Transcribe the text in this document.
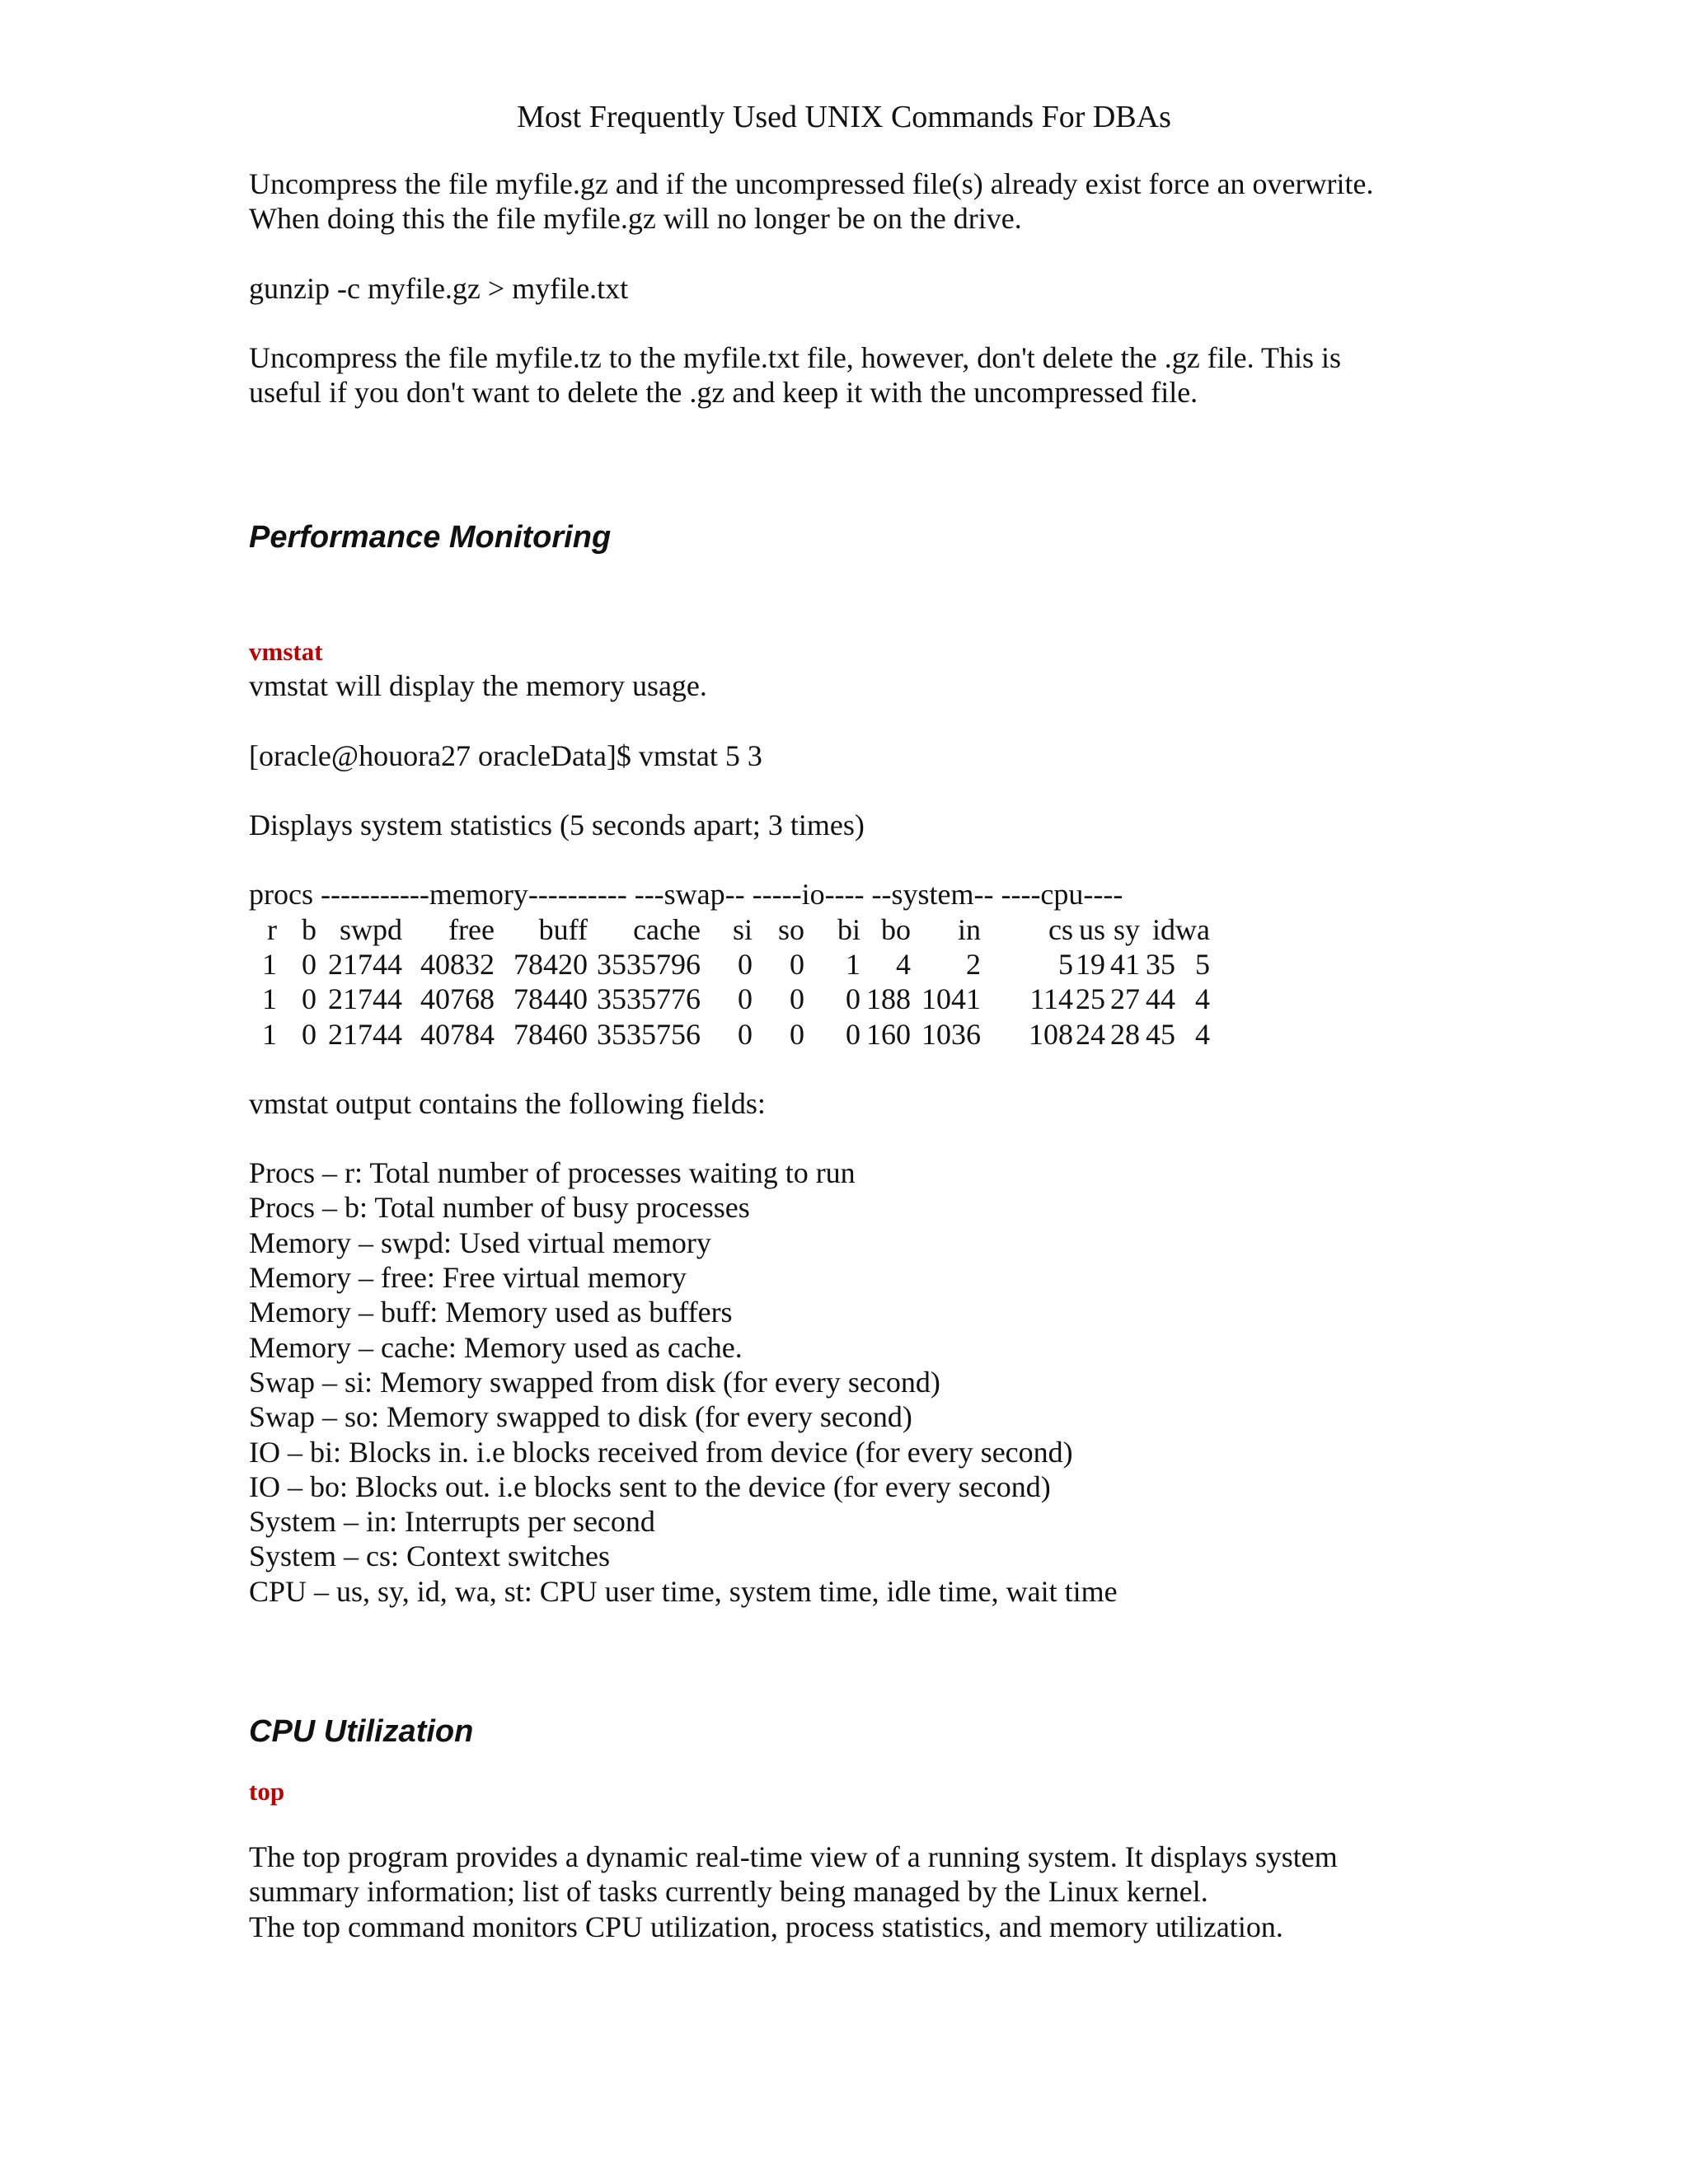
Most Frequently Used UNIX Commands For DBAs

Uncompress the file myfile.gz and if the uncompressed file(s) already exist force an overwrite. When doing this the file myfile.gz will no longer be on the drive.

gunzip -c myfile.gz > myfile.txt

Uncompress the file myfile.tz to the myfile.txt file, however, don't delete the .gz file. This is useful if you don't want to delete the .gz and keep it with the uncompressed file.

Performance Monitoring

vmstat

vmstat will display the memory usage.

[oracle@houora27 oracleData]$ vmstat 5 3

Displays system statistics (5 seconds apart; 3 times)

procs -----------memory---------- ---swap-- -----io---- --system-- ----cpu----

r	b	swpd	free	buff	cache	si	so	bi	bo	in	cs	us	sy	id	wa
1	0	21744	40832	78420	3535796	0	0	1	4	2	5	19	41	35	5
1	0	21744	40768	78440	3535776	0	0	0	188	1041	114	25	27	44	4
1	0	21744	40784	78460	3535756	0	0	0	160	1036	108	24	28	45	4

vmstat output contains the following fields:

Procs – r: Total number of processes waiting to run

Procs – b: Total number of busy processes

Memory – swpd: Used virtual memory

Memory – free: Free virtual memory

Memory – buff: Memory used as buffers

Memory – cache: Memory used as cache.

Swap – si: Memory swapped from disk (for every second)

Swap – so: Memory swapped to disk (for every second)

IO – bi: Blocks in. i.e blocks received from device (for every second)

IO – bo: Blocks out. i.e blocks sent to the device (for every second)

System – in: Interrupts per second

System – cs: Context switches

CPU – us, sy, id, wa, st: CPU user time, system time, idle time, wait time

CPU Utilization

top

The top program provides a dynamic real-time view of a running system. It displays system summary information; list of tasks currently being managed by the Linux kernel.

The top command monitors CPU utilization, process statistics, and memory utilization.
